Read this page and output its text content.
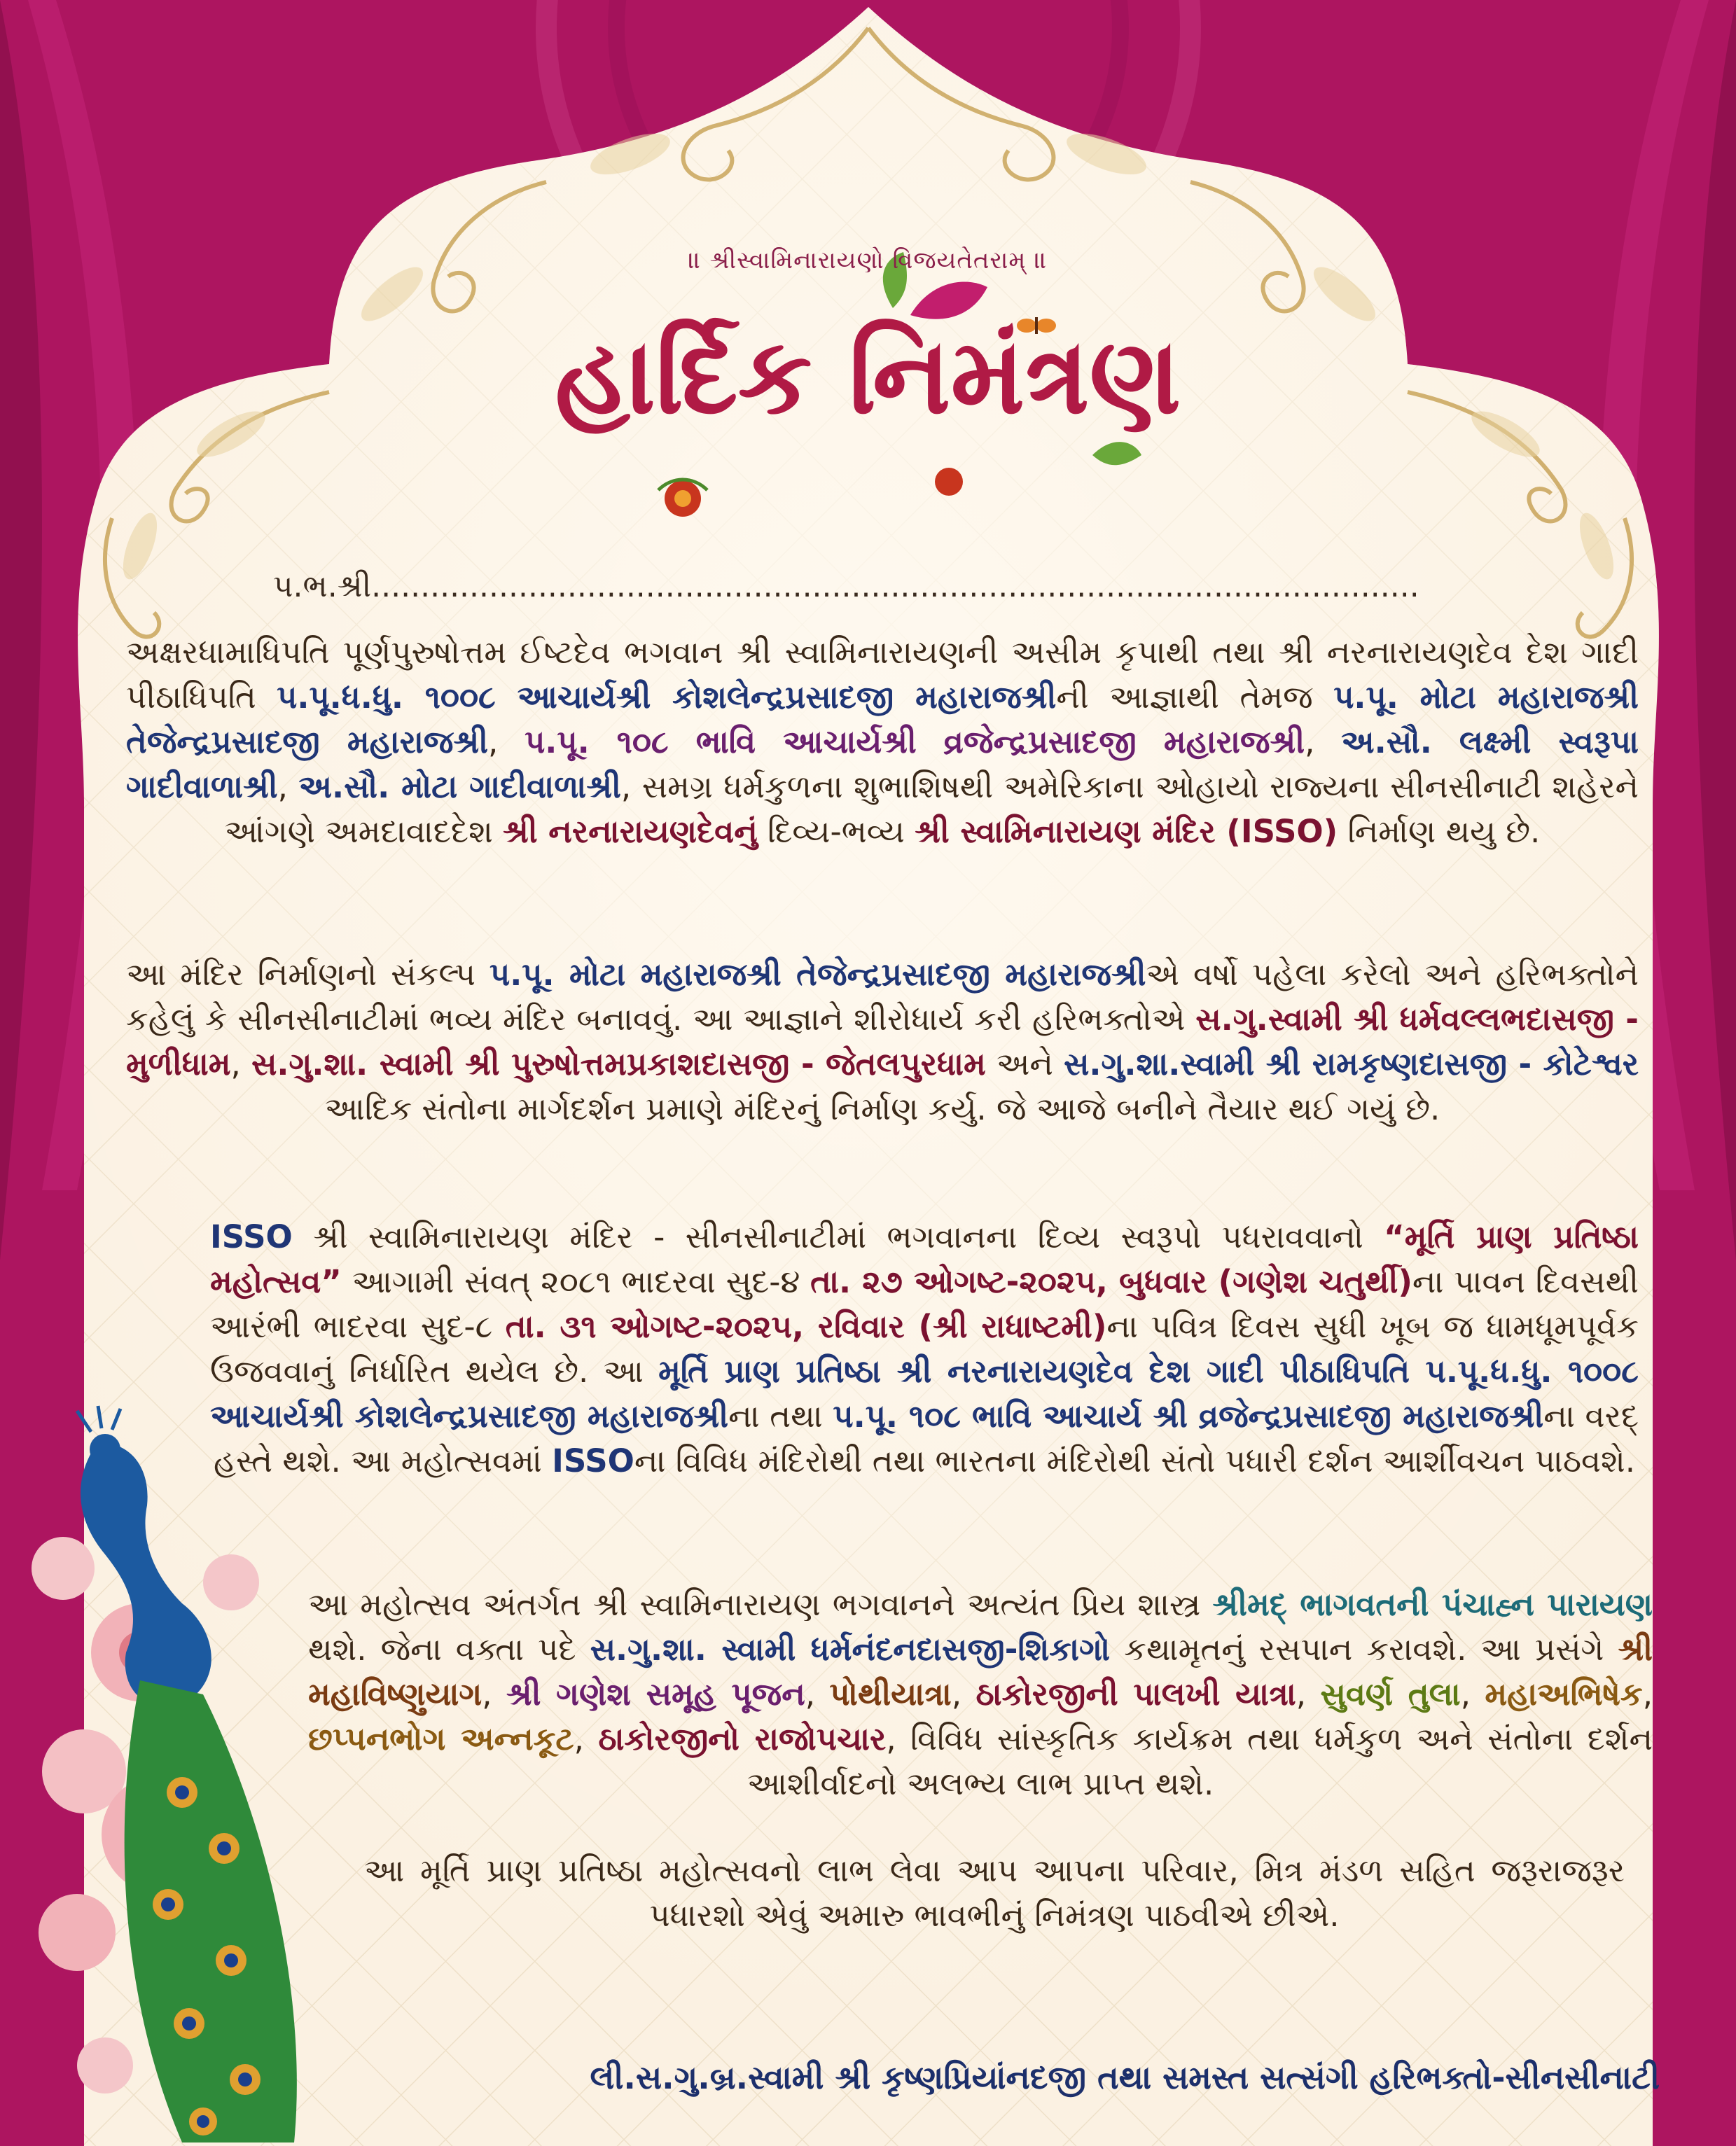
॥ શ્રીસ્વામિનારાયણો વિજયતેતરામ્ ॥
હાર્દિક નિમંત્રણ
પ.ભ.શ્રી...........................................................................................................
અક્ષરધામાધિપતિ પૂર્ણપુરુષોત્તમ ઈષ્ટદેવ ભગવાન શ્રી સ્વામિનારાયણની અસીમ કૃપાથી તથા શ્રી નરનારાયણદેવ દેશ ગાદી પીઠાધિપતિ પ.પૂ.ધ.ધુ. ૧૦૦૮ આચાર્યશ્રી કોશલેન્દ્રપ્રસાદજી મહારાજશ્રીની આજ્ઞાથી તેમજ પ.પૂ. મોટા મહારાજશ્રી તેજેન્દ્રપ્રસાદજી મહારાજશ્રી, પ.પૂ. ૧૦૮ ભાવિ આચાર્યશ્રી વ્રજેન્દ્રપ્રસાદજી મહારાજશ્રી, અ.સૌ. લક્ષ્મી સ્વરૂપા ગાદીવાળાશ્રી, અ.સૌ. મોટા ગાદીવાળાશ્રી, સમગ્ર ધર્મકુળના શુભાશિષથી અમેરિકાના ઓહાયો રાજ્યના સીનસીનાટી શહેરને આંગણે અમદાવાદદેશ શ્રી નરનારાયણદેવનું દિવ્ય-ભવ્ય શ્રી સ્વામિનારાયણ મંદિર (ISSO) નિર્માણ થયુ છે.
આ મંદિર નિર્માણનો સંકલ્પ પ.પૂ. મોટા મહારાજશ્રી તેજેન્દ્રપ્રસાદજી મહારાજશ્રીએ વર્ષો પહેલા કરેલો અને હરિભક્તોને કહેલું કે સીનસીનાટીમાં ભવ્ય મંદિર બનાવવું. આ આજ્ઞાને શીરોધાર્ય કરી હરિભક્તોએ સ.ગુ.સ્વામી શ્રી ધર્મવલ્લભદાસજી - મુળીધામ, સ.ગુ.શા. સ્વામી શ્રી પુરુષોત્તમપ્રકાશદાસજી - જેતલપુરધામ અને સ.ગુ.શા.સ્વામી શ્રી રામકૃષ્ણદાસજી - કોટેશ્વર આદિક સંતોના માર્ગદર્શન પ્રમાણે મંદિરનું નિર્માણ કર્યુ. જે આજે બનીને તૈયાર થઈ ગયું છે.
ISSO શ્રી સ્વામિનારાયણ મંદિર - સીનસીનાટીમાં ભગવાનના દિવ્ય સ્વરૂપો પધરાવવાનો “મૂર્તિ પ્રાણ પ્રતિષ્ઠા મહોત્સવ” આગામી સંવત્ ૨૦૮૧ ભાદરવા સુદ-૪ તા. ૨૭ ઓગષ્ટ-૨૦૨૫, બુધવાર (ગણેશ ચતુર્થી)ના પાવન દિવસથી આરંભી ભાદરવા સુદ-૮ તા. ૩૧ ઓગષ્ટ-૨૦૨૫, રવિવાર (શ્રી રાધાષ્ટમી)ના પવિત્ર દિવસ સુધી ખૂબ જ ધામધૂમપૂર્વક ઉજવવાનું નિર્ધારિત થયેલ છે. આ મૂર્તિ પ્રાણ પ્રતિષ્ઠા શ્રી નરનારાયણદેવ દેશ ગાદી પીઠાધિપતિ પ.પૂ.ધ.ધુ. ૧૦૦૮ આચાર્યશ્રી કોશલેન્દ્રપ્રસાદજી મહારાજશ્રીના તથા પ.પૂ. ૧૦૮ ભાવિ આચાર્ય શ્રી વ્રજેન્દ્રપ્રસાદજી મહારાજશ્રીના વરદ્ હસ્તે થશે. આ મહોત્સવમાં ISSOના વિવિધ મંદિરોથી તથા ભારતના મંદિરોથી સંતો પધારી દર્શન આર્શીવચન પાઠવશે.
આ મહોત્સવ અંતર્ગત શ્રી સ્વામિનારાયણ ભગવાનને અત્યંત પ્રિય શાસ્ત્ર શ્રીમદ્ ભાગવતની પંચાહ્ન પારાયણ થશે. જેના વક્તા પદે સ.ગુ.શા. સ્વામી ધર્મનંદનદાસજી-શિકાગો કથામૃતનું રસપાન કરાવશે. આ પ્રસંગે શ્રી મહાવિષ્ણુયાગ, શ્રી ગણેશ સમૂહ પૂજન, પોથીયાત્રા, ઠાકોરજીની પાલખી યાત્રા, સુવર્ણ તુલા, મહાઅભિષેક, છપ્પનભોગ અન્નકૂટ, ઠાકોરજીનો રાજોપચાર, વિવિધ સાંસ્કૃતિક કાર્યક્રમ તથા ધર્મકુળ અને સંતોના દર્શન આશીર્વાદનો અલભ્ય લાભ પ્રાપ્ત થશે.
આ મૂર્તિ પ્રાણ પ્રતિષ્ઠા મહોત્સવનો લાભ લેવા આપ આપના પરિવાર, મિત્ર મંડળ સહિત જરૂરાજરૂર પધારશો એવું અમારુ ભાવભીનું નિમંત્રણ પાઠવીએ છીએ.
લી.સ.ગુ.બ્ર.સ્વામી શ્રી કૃષ્ણપ્રિયાંનદજી તથા સમસ્ત સત્સંગી હરિભક્તો-સીનસીનાટી
